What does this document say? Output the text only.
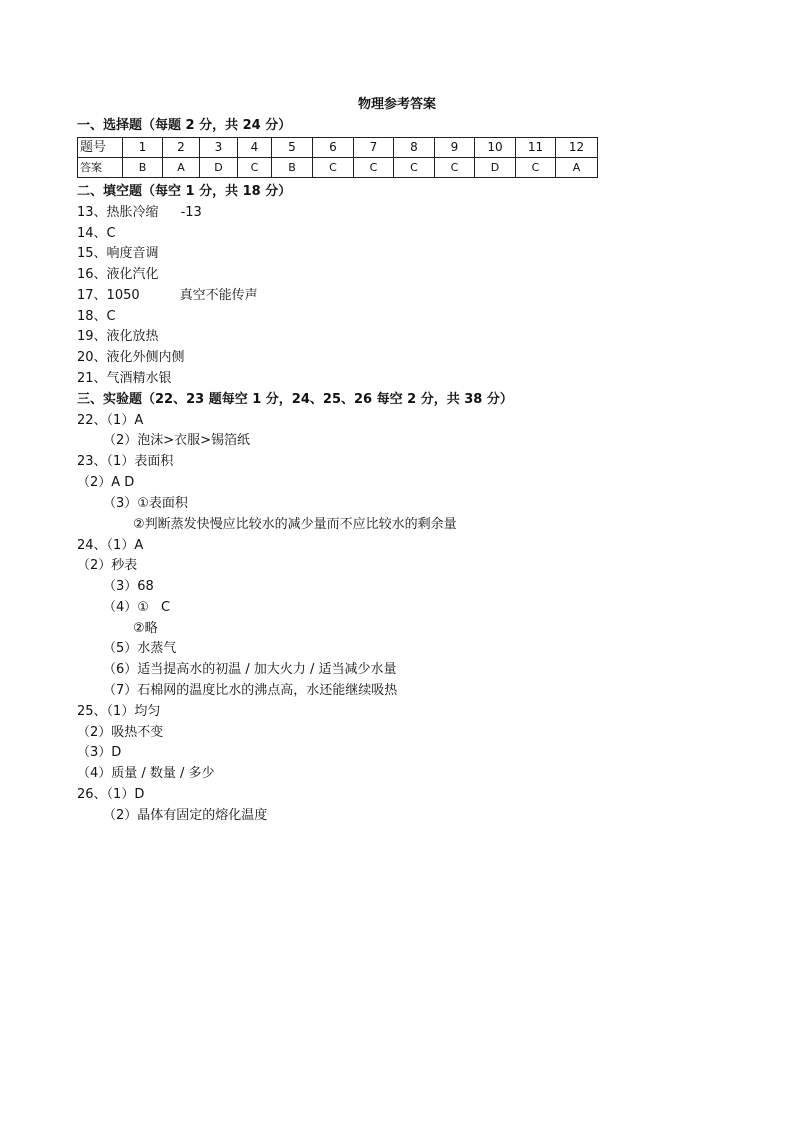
物理参考答案
一、选择题（每题 2 分，共 24 分）
题号	1	2	3	4	5	6	7	8	9	10	11	12
答案	B	A	D	C	B	C	C	C	C	D	C	A
二、填空题（每空 1 分，共 18 分）
13、热胀冷缩 -13
14、C
15、响度音调
16、液化汽化
17、1050	真空不能传声
18、C
19、液化放热
20、液化外侧内侧
21、气酒精水银
三、实验题（22、23 题每空 1 分，24、25、26 每空 2 分，共 38 分）
22、（1）A
（2）泡沫>衣服>锡箔纸
23、（1）表面积
（2）A D
（3）①表面积
②判断蒸发快慢应比较水的减少量而不应比较水的剩余量
24、（1）A
（2）秒表
（3）68
（4）① C
②略
（5）水蒸气
（6）适当提高水的初温 / 加大火力 / 适当减少水量
（7）石棉网的温度比水的沸点高，水还能继续吸热
25、（1）均匀
（2）吸热不变
（3）D
（4）质量 / 数量 / 多少
26、（1）D
（2）晶体有固定的熔化温度
